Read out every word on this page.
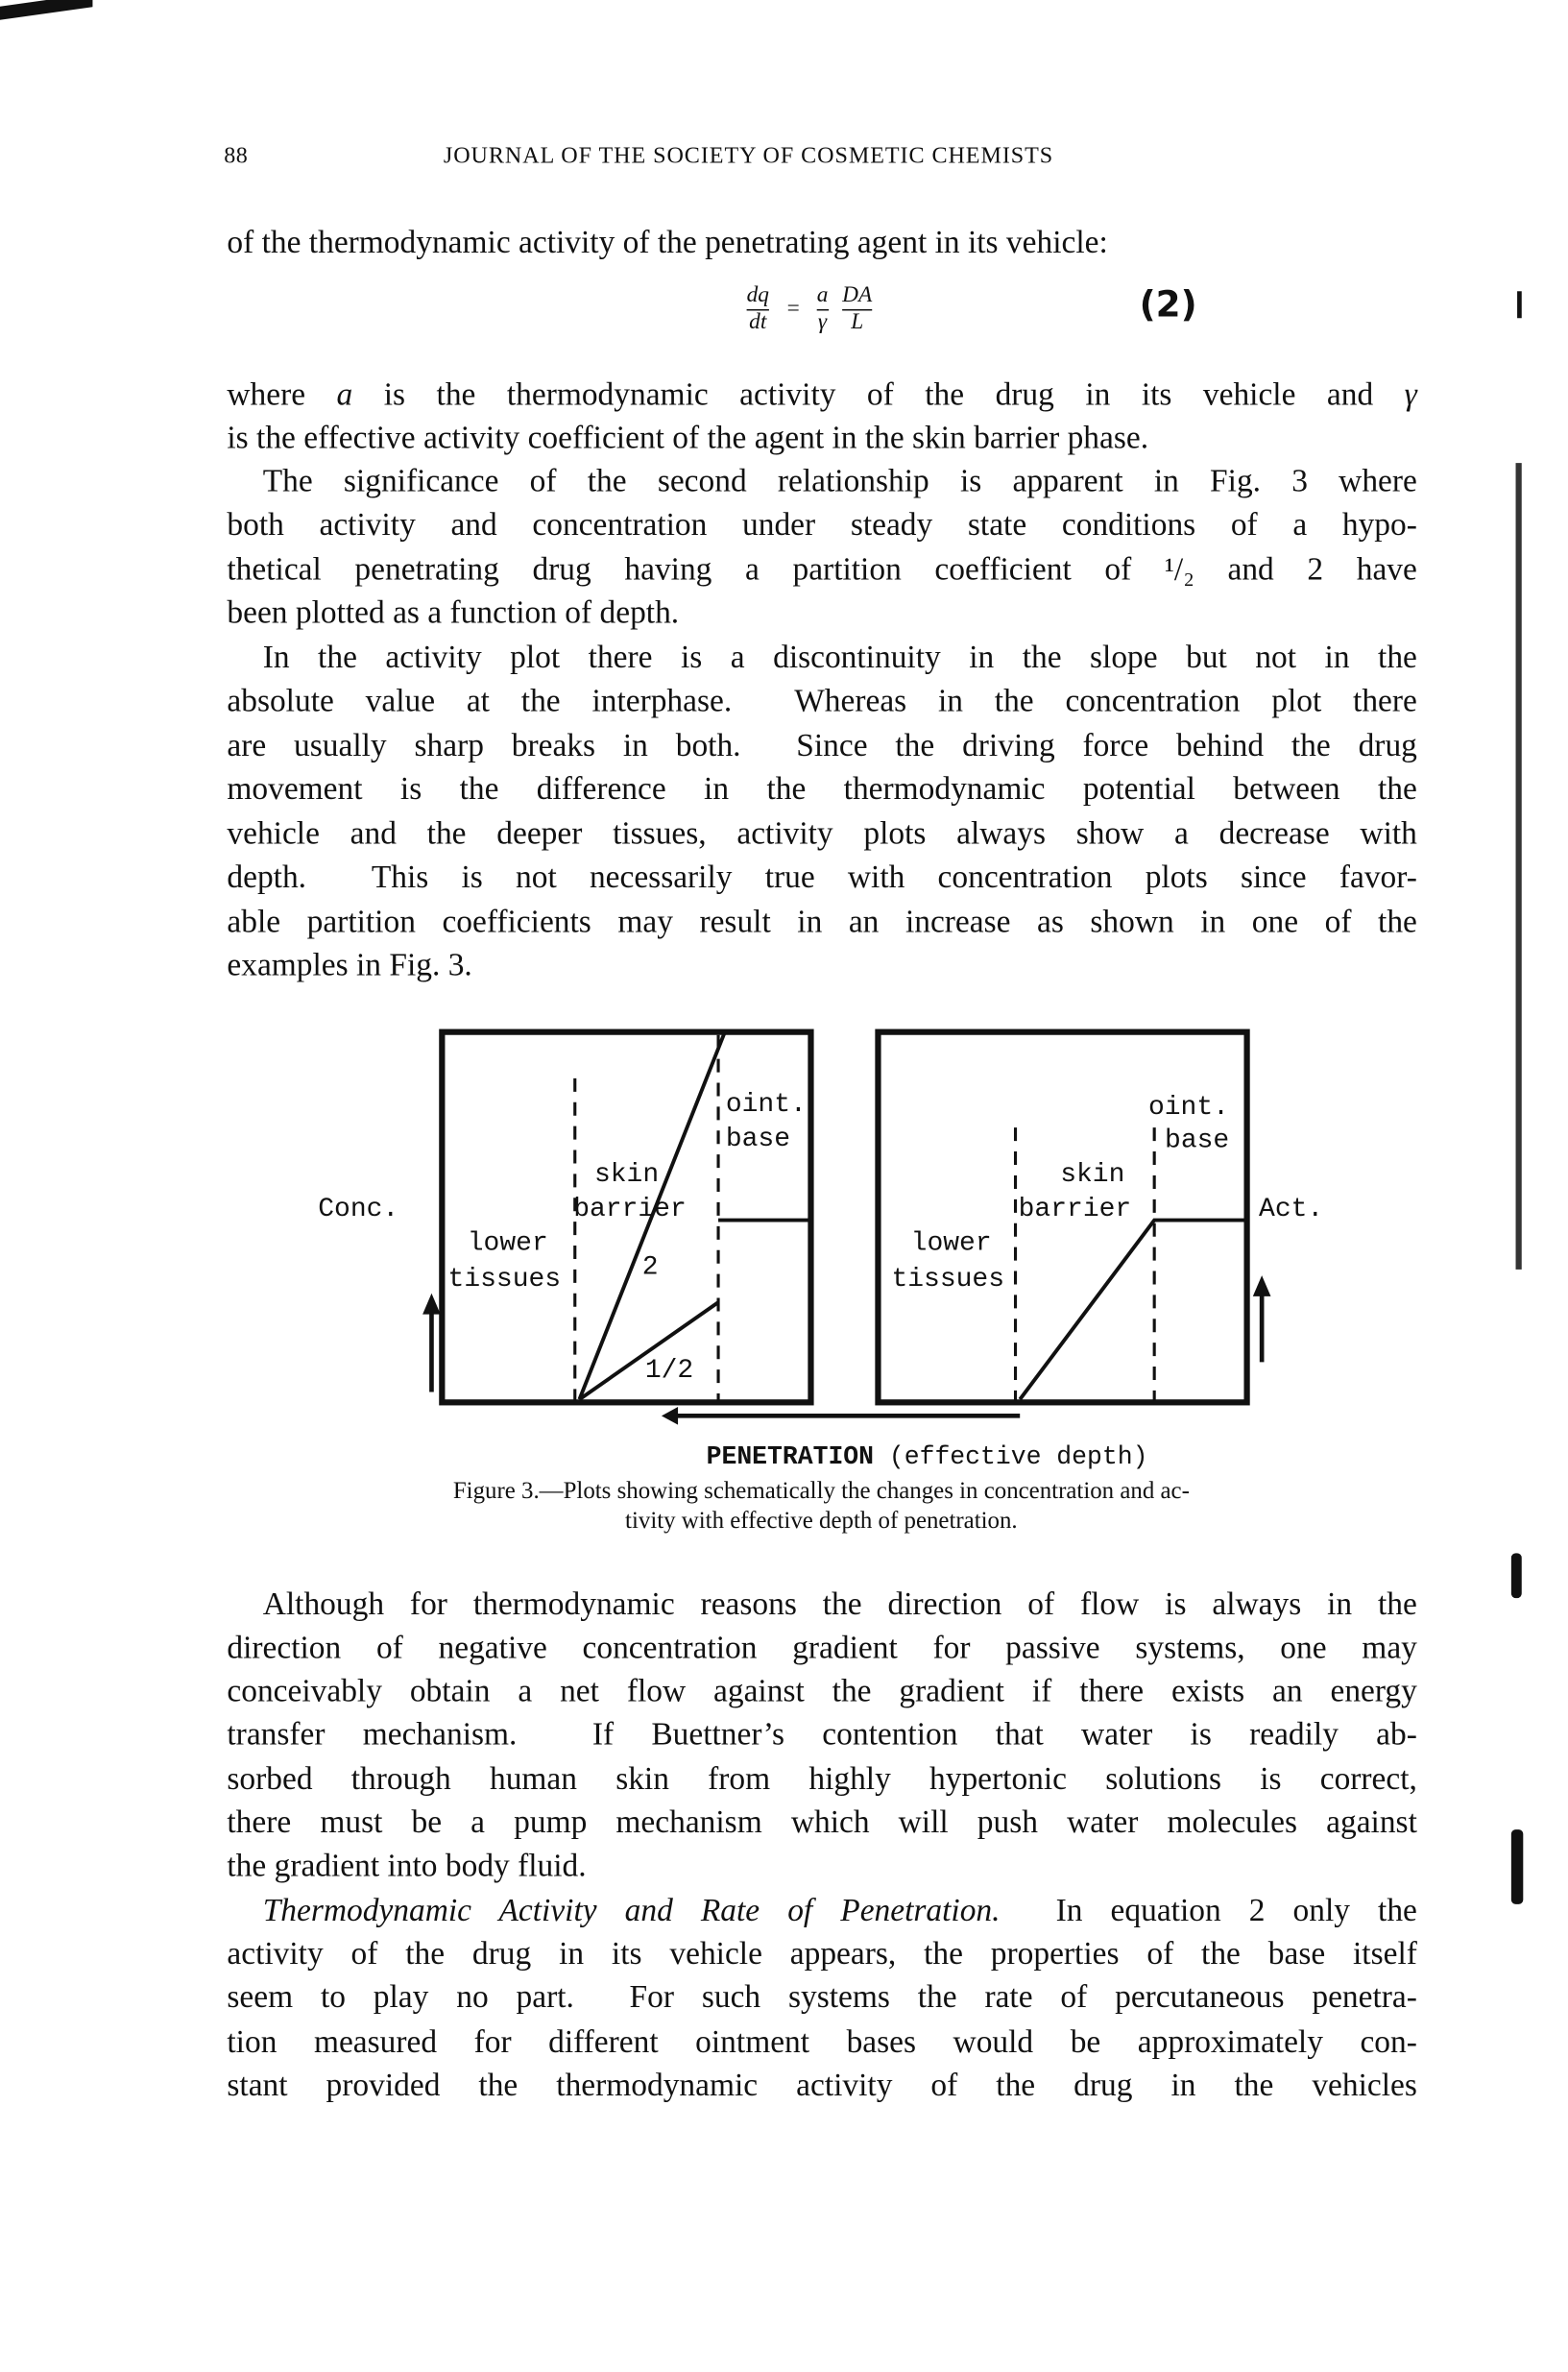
88	JOURNAL OF THE SOCIETY OF COSMETIC CHEMISTS
of the thermodynamic activity of the penetrating agent in its vehicle:
where a is the thermodynamic activity of the drug in its vehicle and γ
is the effective activity coefficient of the agent in the skin barrier phase.
The significance of the second relationship is apparent in Fig. 3 where
both activity and concentration under steady state conditions of a hypo-
thetical penetrating drug having a partition coefficient of ¹/₂ and 2 have
been plotted as a function of depth.
In the activity plot there is a discontinuity in the slope but not in the
absolute value at the interphase.  Whereas in the concentration plot there
are usually sharp breaks in both.  Since the driving force behind the drug
movement is the difference in the thermodynamic potential between the
vehicle and the deeper tissues, activity plots always show a decrease with
depth.  This is not necessarily true with concentration plots since favor-
able partition coefficients may result in an increase as shown in one of the
examples in Fig. 3.
dq
dt
=
a
γ
DA
L	(2)
Conc.
oint.
base
skin
barrier
lower
tissues	2
1/2
Act.
oint.
base
skin
barrier
lower
tissues
PENETRATION (effective depth)
Figure 3.—Plots showing schematically the changes in concentration and ac-
tivity with effective depth of penetration.
Although for thermodynamic reasons the direction of flow is always in the
direction of negative concentration gradient for passive systems, one may
conceivably obtain a net flow against the gradient if there exists an energy
transfer mechanism.  If Buettner’s contention that water is readily ab-
sorbed through human skin from highly hypertonic solutions is correct,
there must be a pump mechanism which will push water molecules against
the gradient into body fluid.
Thermodynamic Activity and Rate of Penetration.  In equation 2 only the
activity of the drug in its vehicle appears, the properties of the base itself
seem to play no part.  For such systems the rate of percutaneous penetra-
tion measured for different ointment bases would be approximately con-
stant provided the thermodynamic activity of the drug in the vehicles
